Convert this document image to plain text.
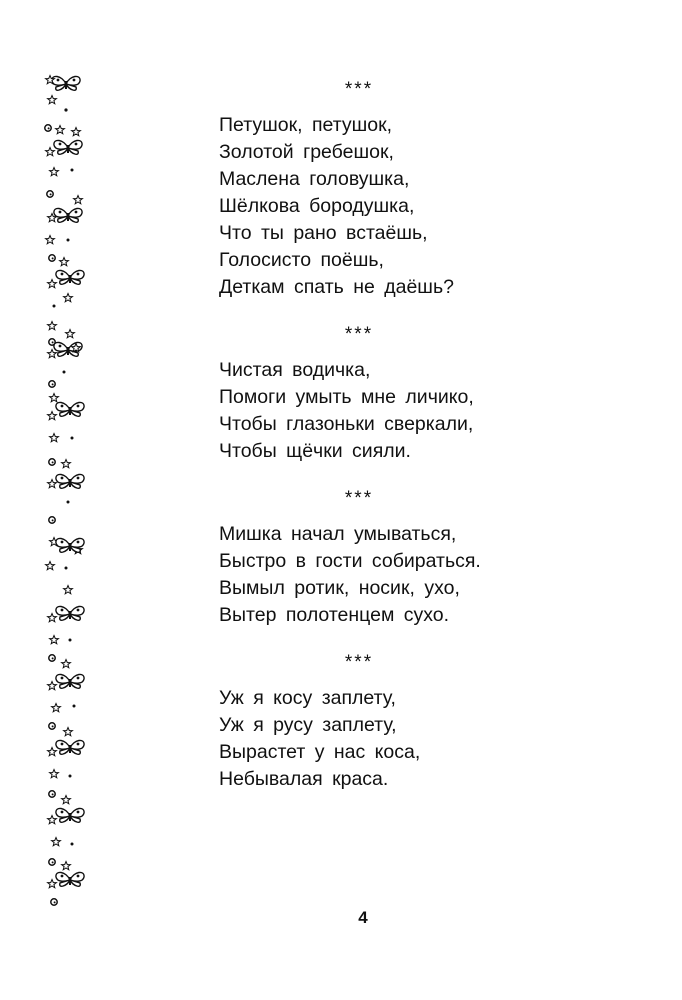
***
Петушок, петушок,
Золотой гребешок,
Маслена головушка,
Шёлкова бородушка,
Что ты рано встаёшь,
Голосисто поёшь,
Деткам спать не даёшь?
***
Чистая водичка,
Помоги умыть мне личико,
Чтобы глазоньки сверкали,
Чтобы щёчки сияли.
***
Мишка начал умываться,
Быстро в гости собираться.
Вымыл ротик, носик, ухо,
Вытер полотенцем сухо.
***
Уж я косу заплету,
Уж я русу заплету,
Вырастет у нас коса,
Небывалая краса.
4
